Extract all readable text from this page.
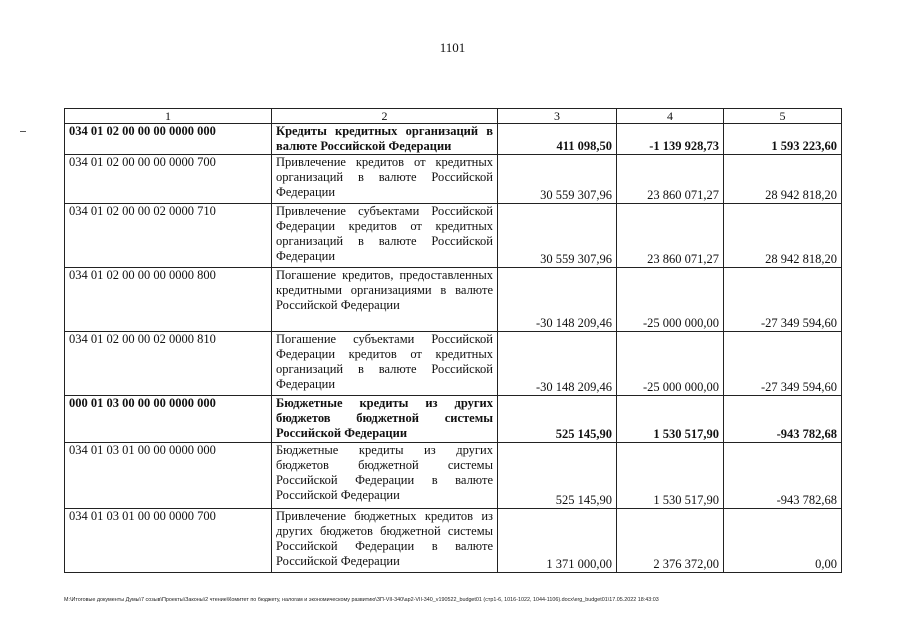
1101
1	2	3	4	5
034 01 02 00 00 00 0000 000	Кредиты кредитных организаций в валюте Российской Федерации	411 098,50	-1 139 928,73	1 593 223,60
034 01 02 00 00 00 0000 700	Привлечение кредитов от кредитных организаций в валюте Российской Федерации	30 559 307,96	23 860 071,27	28 942 818,20
034 01 02 00 00 02 0000 710	Привлечение субъектами Российской Федерации кредитов от кредитных организаций в валюте Российской Федерации	30 559 307,96	23 860 071,27	28 942 818,20
034 01 02 00 00 00 0000 800	Погашение кредитов, предоставленных кредитными организациями в валюте Российской Федерации	-30 148 209,46	-25 000 000,00	-27 349 594,60
034 01 02 00 00 02 0000 810	Погашение субъектами Российской Федерации кредитов от кредитных организаций в валюте Российской Федерации	-30 148 209,46	-25 000 000,00	-27 349 594,60
000 01 03 00 00 00 0000 000	Бюджетные кредиты из других бюджетов бюджетной системы Российской Федерации	525 145,90	1 530 517,90	-943 782,68
034 01 03 01 00 00 0000 000	Бюджетные кредиты из других бюджетов бюджетной системы Российской Федерации в валюте Российской Федерации	525 145,90	1 530 517,90	-943 782,68
034 01 03 01 00 00 0000 700	Привлечение бюджетных кредитов из других бюджетов бюджетной системы Российской Федерации в валюте Российской Федерации	1 371 000,00	2 376 372,00	0,00
M:\Итоговые документы Думы\7 созыв\Проекты\Законы\2 чтение\Комитет по бюджету, налогам и экономическому развитию\ЗП-VII-340\ap2-VII-340_v190522_budget01 (стр1-6, 1016-1022, 1044-1106).docx\erg_budget01\17.05.2022 18:43:03
